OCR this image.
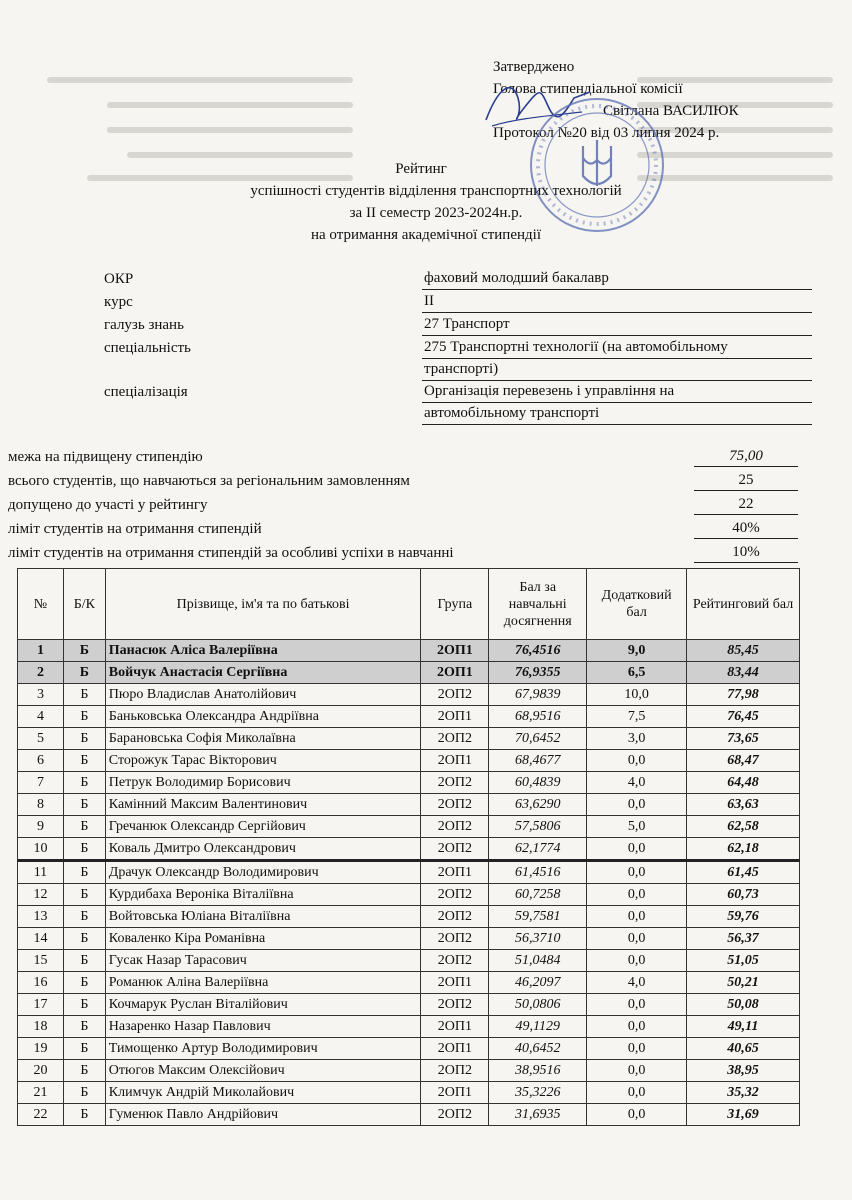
Затверджено
Голова стипендіальної комісії
Світлана ВАСИЛЮК
Протокол №20 від 03 липня 2024 р.
Рейтинг
успішності студентів відділення транспортних технологій
за II семестр 2023-2024н.р.
на отримання академічної стипендії
ОКР	фаховий молодший бакалавр
курс	II
галузь знань	27 Транспорт
спеціальність	275 Транспортні технології (на автомобільному
транспорті)
спеціалізація	Організація перевезень і управління на
автомобільному транспорті
межа на підвищену стипендію	75,00
всього студентів, що навчаються за регіональним замовленням	25
допущено до участі у рейтингу	22
ліміт студентів на отримання стипендій	40%
ліміт студентів на отримання стипендій за особливі успіхи в навчанні	10%
№	Б/К	Прізвище, ім'я та по батькові	Група	Бал за навчальні досягнення	Додатковий бал	Рейтинговий бал
1	Б	Панасюк Аліса Валеріївна	2ОП1	76,4516	9,0	85,45
2	Б	Войчук Анастасія Сергіївна	2ОП1	76,9355	6,5	83,44
3	Б	Пюро Владислав Анатолійович	2ОП2	67,9839	10,0	77,98
4	Б	Баньковська Олександра Андріївна	2ОП1	68,9516	7,5	76,45
5	Б	Барановська Софія Миколаївна	2ОП2	70,6452	3,0	73,65
6	Б	Сторожук Тарас Вікторович	2ОП1	68,4677	0,0	68,47
7	Б	Петрук Володимир Борисович	2ОП2	60,4839	4,0	64,48
8	Б	Камінний Максим Валентинович	2ОП2	63,6290	0,0	63,63
9	Б	Гречанюк Олександр Сергійович	2ОП2	57,5806	5,0	62,58
10	Б	Коваль Дмитро Олександрович	2ОП2	62,1774	0,0	62,18
11	Б	Драчук Олександр Володимирович	2ОП1	61,4516	0,0	61,45
12	Б	Курдибаха Вероніка Віталіївна	2ОП2	60,7258	0,0	60,73
13	Б	Войтовська Юліана Віталіївна	2ОП2	59,7581	0,0	59,76
14	Б	Коваленко Кіра Романівна	2ОП2	56,3710	0,0	56,37
15	Б	Гусак Назар Тарасович	2ОП2	51,0484	0,0	51,05
16	Б	Романюк Аліна Валеріївна	2ОП1	46,2097	4,0	50,21
17	Б	Кочмарук Руслан Віталійович	2ОП2	50,0806	0,0	50,08
18	Б	Назаренко Назар Павлович	2ОП1	49,1129	0,0	49,11
19	Б	Тимощенко Артур Володимирович	2ОП1	40,6452	0,0	40,65
20	Б	Отюгов Максим Олексійович	2ОП2	38,9516	0,0	38,95
21	Б	Климчук Андрій Миколайович	2ОП1	35,3226	0,0	35,32
22	Б	Гуменюк Павло Андрійович	2ОП2	31,6935	0,0	31,69
